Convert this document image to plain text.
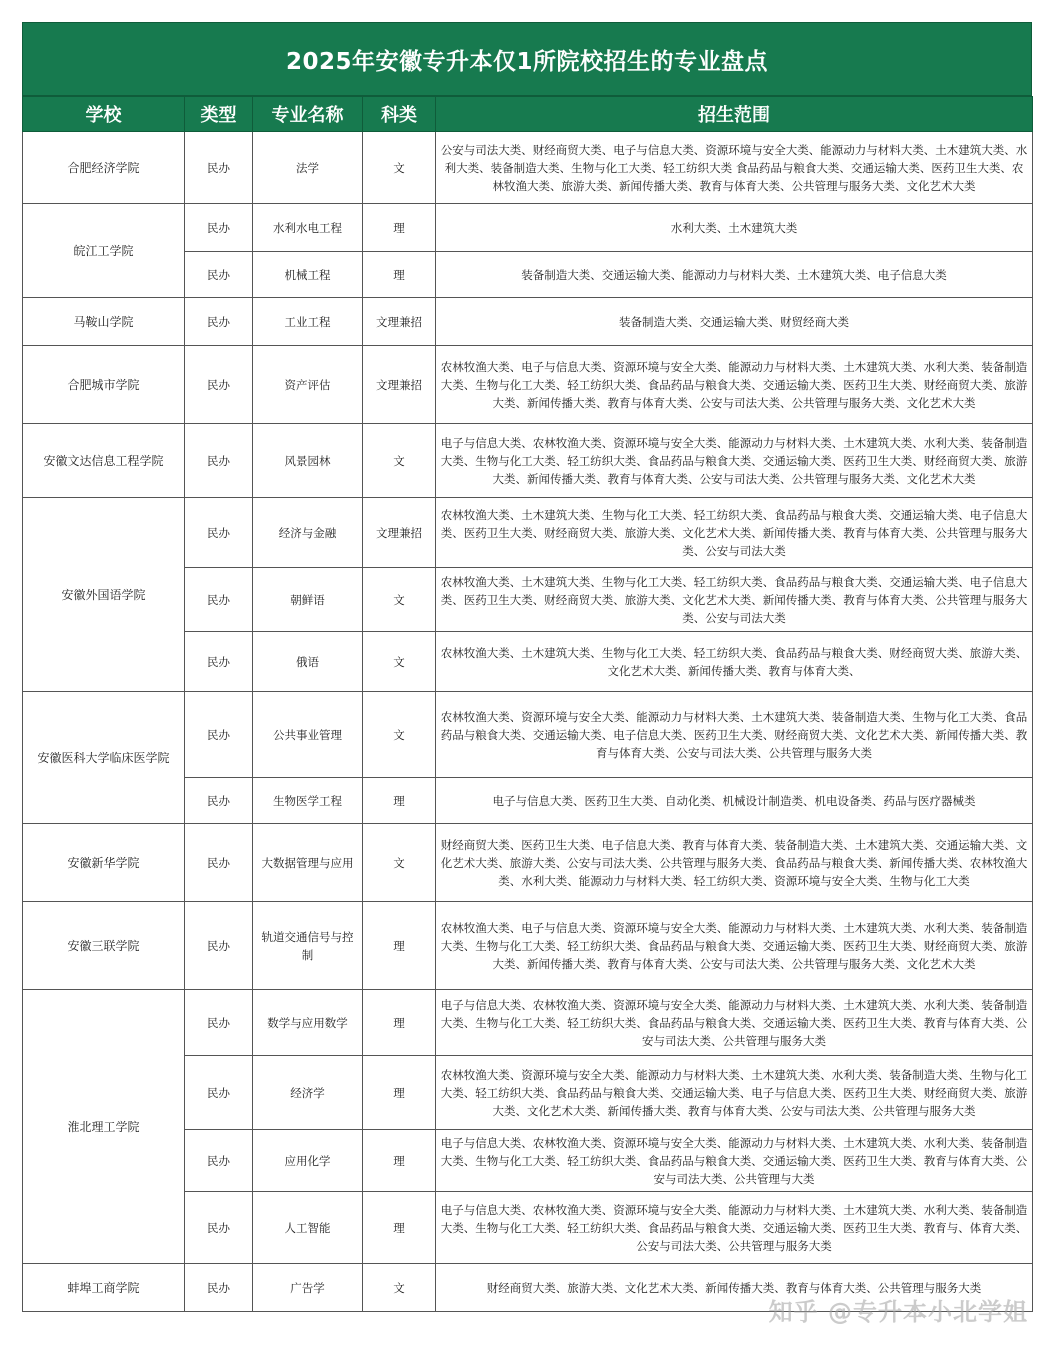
2025年安徽专升本仅1所院校招生的专业盘点
学校	类型	专业名称	科类	招生范围
合肥经济学院	民办	法学	文	公安与司法大类、财经商贸大类、电子与信息大类、资源环境与安全大类、能源动力与材料大类、土木建筑大类、水利大类、装备制造大类、生物与化工大类、轻工纺织大类 食品药品与粮食大类、交通运输大类、医药卫生大类、农林牧渔大类、旅游大类、新闻传播大类、教育与体育大类、公共管理与服务大类、文化艺术大类
皖江工学院	民办	水利水电工程	理	水利大类、土木建筑大类
	民办	机械工程	理	装备制造大类、交通运输大类、能源动力与材料大类、土木建筑大类、电子信息大类
马鞍山学院	民办	工业工程	文理兼招	装备制造大类、交通运输大类、财贸经商大类
合肥城市学院	民办	资产评估	文理兼招	农林牧渔大类、电子与信息大类、资源环境与安全大类、能源动力与材料大类、土木建筑大类、水利大类、装备制造大类、生物与化工大类、轻工纺织大类、食品药品与粮食大类、交通运输大类、医药卫生大类、财经商贸大类、旅游大类、新闻传播大类、教育与体育大类、公安与司法大类、公共管理与服务大类、文化艺术大类
安徽文达信息工程学院	民办	风景园林	文	电子与信息大类、农林牧渔大类、资源环境与安全大类、能源动力与材料大类、土木建筑大类、水利大类、装备制造大类、生物与化工大类、轻工纺织大类、食品药品与粮食大类、交通运输大类、医药卫生大类、财经商贸大类、旅游大类、新闻传播大类、教育与体育大类、公安与司法大类、公共管理与服务大类、文化艺术大类
安徽外国语学院	民办	经济与金融	文理兼招	农林牧渔大类、土木建筑大类、生物与化工大类、轻工纺织大类、食品药品与粮食大类、交通运输大类、电子信息大类、医药卫生大类、财经商贸大类、旅游大类、文化艺术大类、新闻传播大类、教育与体育大类、公共管理与服务大类、公安与司法大类
	民办	朝鲜语	文	农林牧渔大类、土木建筑大类、生物与化工大类、轻工纺织大类、食品药品与粮食大类、交通运输大类、电子信息大类、医药卫生大类、财经商贸大类、旅游大类、文化艺术大类、新闻传播大类、教育与体育大类、公共管理与服务大类、公安与司法大类
	民办	俄语	文	农林牧渔大类、土木建筑大类、生物与化工大类、轻工纺织大类、食品药品与粮食大类、财经商贸大类、旅游大类、文化艺术大类、新闻传播大类、教育与体育大类、
安徽医科大学临床医学院	民办	公共事业管理	文	农林牧渔大类、资源环境与安全大类、能源动力与材料大类、土木建筑大类、装备制造大类、生物与化工大类、食品药品与粮食大类、交通运输大类、电子信息大类、医药卫生大类、财经商贸大类、文化艺术大类、新闻传播大类、教育与体育大类、公安与司法大类、公共管理与服务大类
	民办	生物医学工程	理	电子与信息大类、医药卫生大类、自动化类、机械设计制造类、机电设备类、药品与医疗器械类
安徽新华学院	民办	大数据管理与应用	文	财经商贸大类、医药卫生大类、电子信息大类、教育与体育大类、装备制造大类、土木建筑大类、交通运输大类、文化艺术大类、旅游大类、公安与司法大类、公共管理与服务大类、食品药品与粮食大类、新闻传播大类、农林牧渔大类、水利大类、能源动力与材料大类、轻工纺织大类、资源环境与安全大类、生物与化工大类
安徽三联学院	民办	轨道交通信号与控制	理	农林牧渔大类、电子与信息大类、资源环境与安全大类、能源动力与材料大类、土木建筑大类、水利大类、装备制造大类、生物与化工大类、轻工纺织大类、食品药品与粮食大类、交通运输大类、医药卫生大类、财经商贸大类、旅游大类、新闻传播大类、教育与体育大类、公安与司法大类、公共管理与服务大类、文化艺术大类
淮北理工学院	民办	数学与应用数学	理	电子与信息大类、农林牧渔大类、资源环境与安全大类、能源动力与材料大类、土木建筑大类、水利大类、装备制造大类、生物与化工大类、轻工纺织大类、食品药品与粮食大类、交通运输大类、医药卫生大类、教育与体育大类、公安与司法大类、公共管理与服务大类
	民办	经济学	理	农林牧渔大类、资源环境与安全大类、能源动力与材料大类、土木建筑大类、水利大类、装备制造大类、生物与化工大类、轻工纺织大类、食品药品与粮食大类、交通运输大类、电子与信息大类、医药卫生大类、财经商贸大类、旅游大类、文化艺术大类、新闻传播大类、教育与体育大类、公安与司法大类、公共管理与服务大类
	民办	应用化学	理	电子与信息大类、农林牧渔大类、资源环境与安全大类、能源动力与材料大类、土木建筑大类、水利大类、装备制造大类、生物与化工大类、轻工纺织大类、食品药品与粮食大类、交通运输大类、医药卫生大类、教育与体育大类、公安与司法大类、公共管理与大类
	民办	人工智能	理	电子与信息大类、农林牧渔大类、资源环境与安全大类、能源动力与材料大类、土木建筑大类、水利大类、装备制造大类、生物与化工大类、轻工纺织大类、食品药品与粮食大类、交通运输大类、医药卫生大类、教育与、体育大类、公安与司法大类、公共管理与服务大类
蚌埠工商学院	民办	广告学	文	财经商贸大类、旅游大类、文化艺术大类、新闻传播大类、教育与体育大类、公共管理与服务大类
知乎 @专升本小北学姐
